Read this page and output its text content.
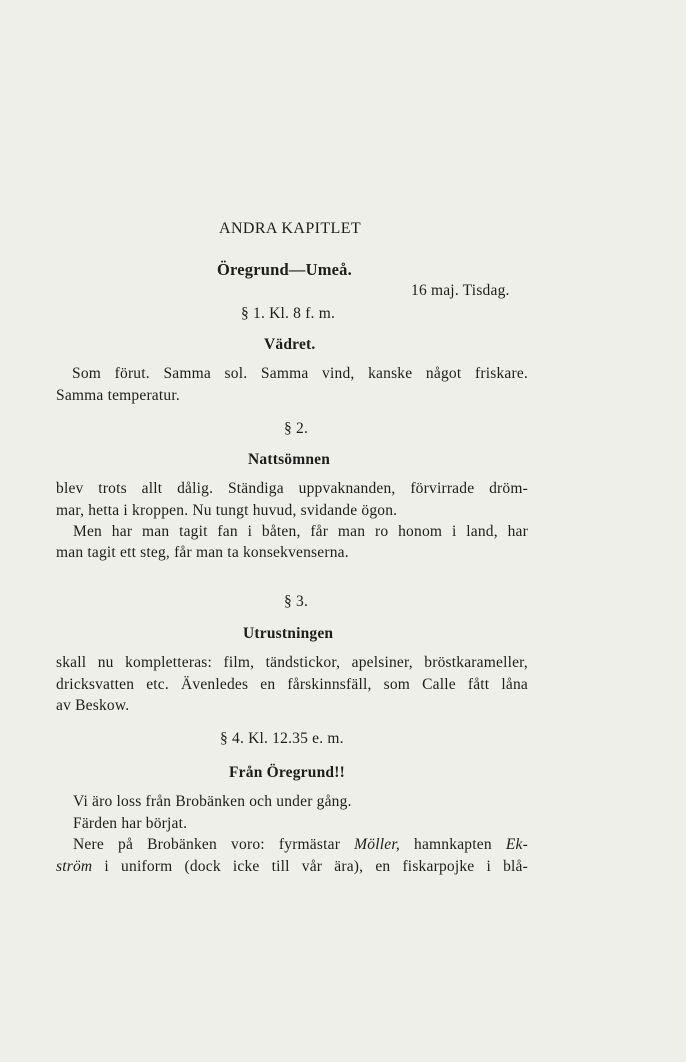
ANDRA KAPITLET
Öregrund—Umeå.
16 maj. Tisdag.
§ 1. Kl. 8 f. m.
Vädret.
Som förut. Samma sol. Samma vind, kanske något friskare.
Samma temperatur.
§ 2.
Nattsömnen
blev trots allt dålig. Ständiga uppvaknanden, förvirrade dröm-
mar, hetta i kroppen. Nu tungt huvud, svidande ögon.
Men har man tagit fan i båten, får man ro honom i land, har
man tagit ett steg, får man ta konsekvenserna.
§ 3.
Utrustningen
skall nu kompletteras: film, tändstickor, apelsiner, bröstkarameller,
dricksvatten etc. Ävenledes en fårskinnsfäll, som Calle fått låna
av Beskow.
§ 4. Kl. 12.35 e. m.
Från Öregrund!!
Vi äro loss från Brobänken och under gång.
Färden har börjat.
Nere på Brobänken voro: fyrmästar Möller, hamnkapten Ek-
ström i uniform (dock icke till vår ära), en fiskarpojke i blå-
